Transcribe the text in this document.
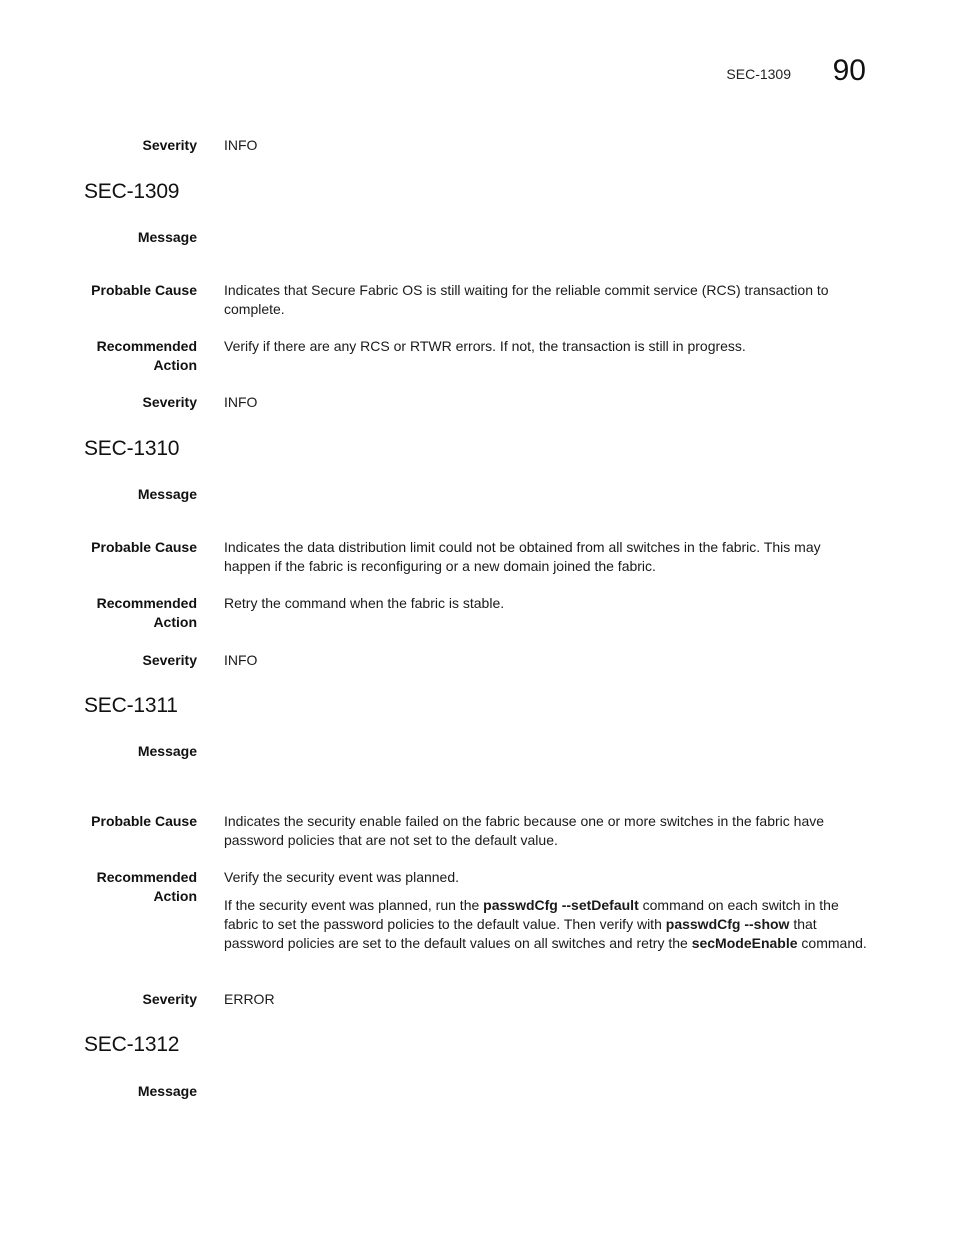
SEC-1309 90
Severity INFO
SEC-1309
Message
Probable Cause Indicates that Secure Fabric OS is still waiting for the reliable commit service (RCS) transaction to complete.
Recommended
Action
Verify if there are any RCS or RTWR errors. If not, the transaction is still in progress.
Severity INFO
SEC-1310
Message
Probable Cause Indicates the data distribution limit could not be obtained from all switches in the fabric. This may happen if the fabric is reconfiguring or a new domain joined the fabric.
Recommended
Action
Retry the command when the fabric is stable.
Severity INFO
SEC-1311
Message
Probable Cause Indicates the security enable failed on the fabric because one or more switches in the fabric have password policies that are not set to the default value.
Recommended
Action

Verify the security event was planned.

If the security event was planned, run the passwdCfg --setDefault command on each switch in the fabric to set the password policies to the default value. Then verify with passwdCfg --show that password policies are set to the default values on all switches and retry the secModeEnable command.

Severity ERROR
SEC-1312
Message
